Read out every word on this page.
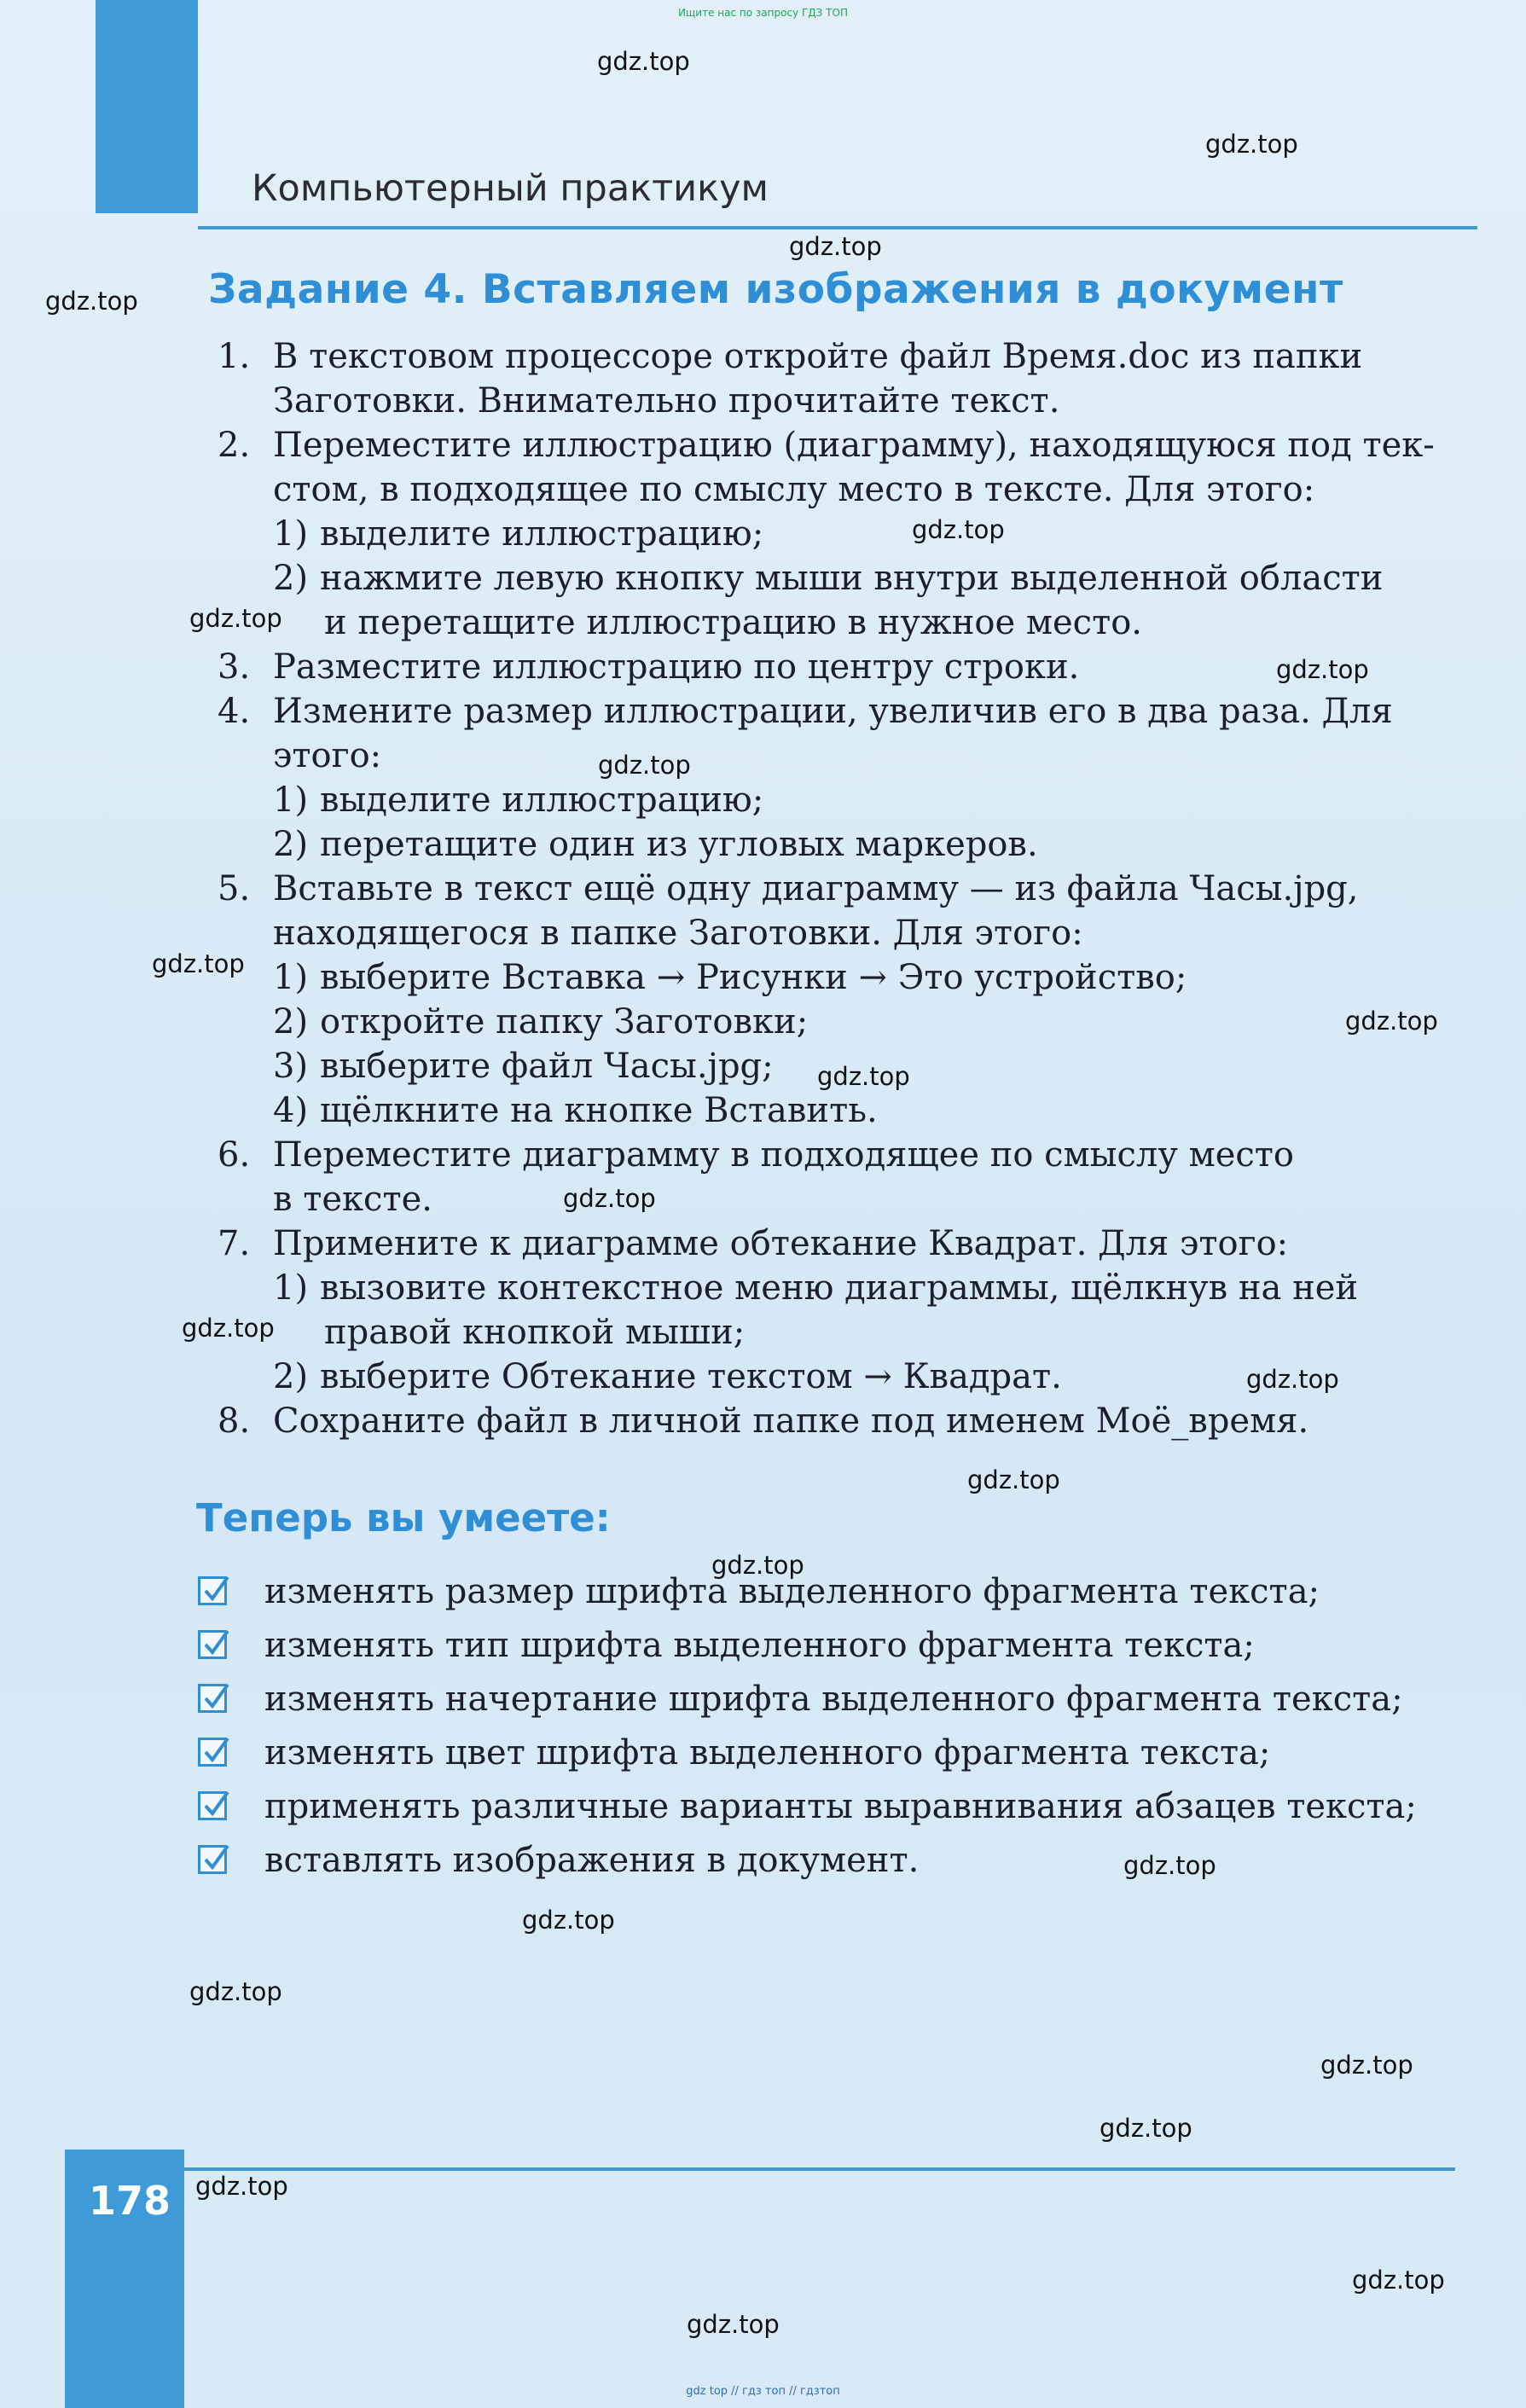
Ищите нас по запросу ГДЗ ТОП
Компьютерный практикум
Задание 4. Вставляем изображения в документ
1. В текстовом процессоре откройте файл Время.doc из папки
Заготовки. Внимательно прочитайте текст.
2. Переместите иллюстрацию (диаграмму), находящуюся под тек-
стом, в подходящее по смыслу место в тексте. Для этого:
1) выделите иллюстрацию;
2) нажмите левую кнопку мыши внутри выделенной области
и перетащите иллюстрацию в нужное место.
3. Разместите иллюстрацию по центру строки.
4. Измените размер иллюстрации, увеличив его в два раза. Для
этого:
1) выделите иллюстрацию;
2) перетащите один из угловых маркеров.
5. Вставьте в текст ещё одну диаграмму — из файла Часы.jpg,
находящегося в папке Заготовки. Для этого:
1) выберите Вставка → Рисунки → Это устройство;
2) откройте папку Заготовки;
3) выберите файл Часы.jpg;
4) щёлкните на кнопке Вставить.
6. Переместите диаграмму в подходящее по смыслу место
в тексте.
7. Примените к диаграмме обтекание Квадрат. Для этого:
1) вызовите контекстное меню диаграммы, щёлкнув на ней
правой кнопкой мыши;
2) выберите Обтекание текстом → Квадрат.
8. Сохраните файл в личной папке под именем Моё_время.
Теперь вы умеете:
изменять размер шрифта выделенного фрагмента текста;
изменять тип шрифта выделенного фрагмента текста;
изменять начертание шрифта выделенного фрагмента текста;
изменять цвет шрифта выделенного фрагмента текста;
применять различные варианты выравнивания абзацев текста;
вставлять изображения в документ.
178
gdz.top
gdz.top
gdz.top
gdz.top
gdz.top
gdz.top
gdz.top
gdz.top
gdz.top
gdz.top
gdz.top
gdz.top
gdz.top
gdz.top
gdz.top
gdz.top
gdz.top
gdz.top
gdz.top
gdz.top
gdz.top
gdz.top
gdz.top
gdz.top
gdz top // гдз топ // гдзтоп
